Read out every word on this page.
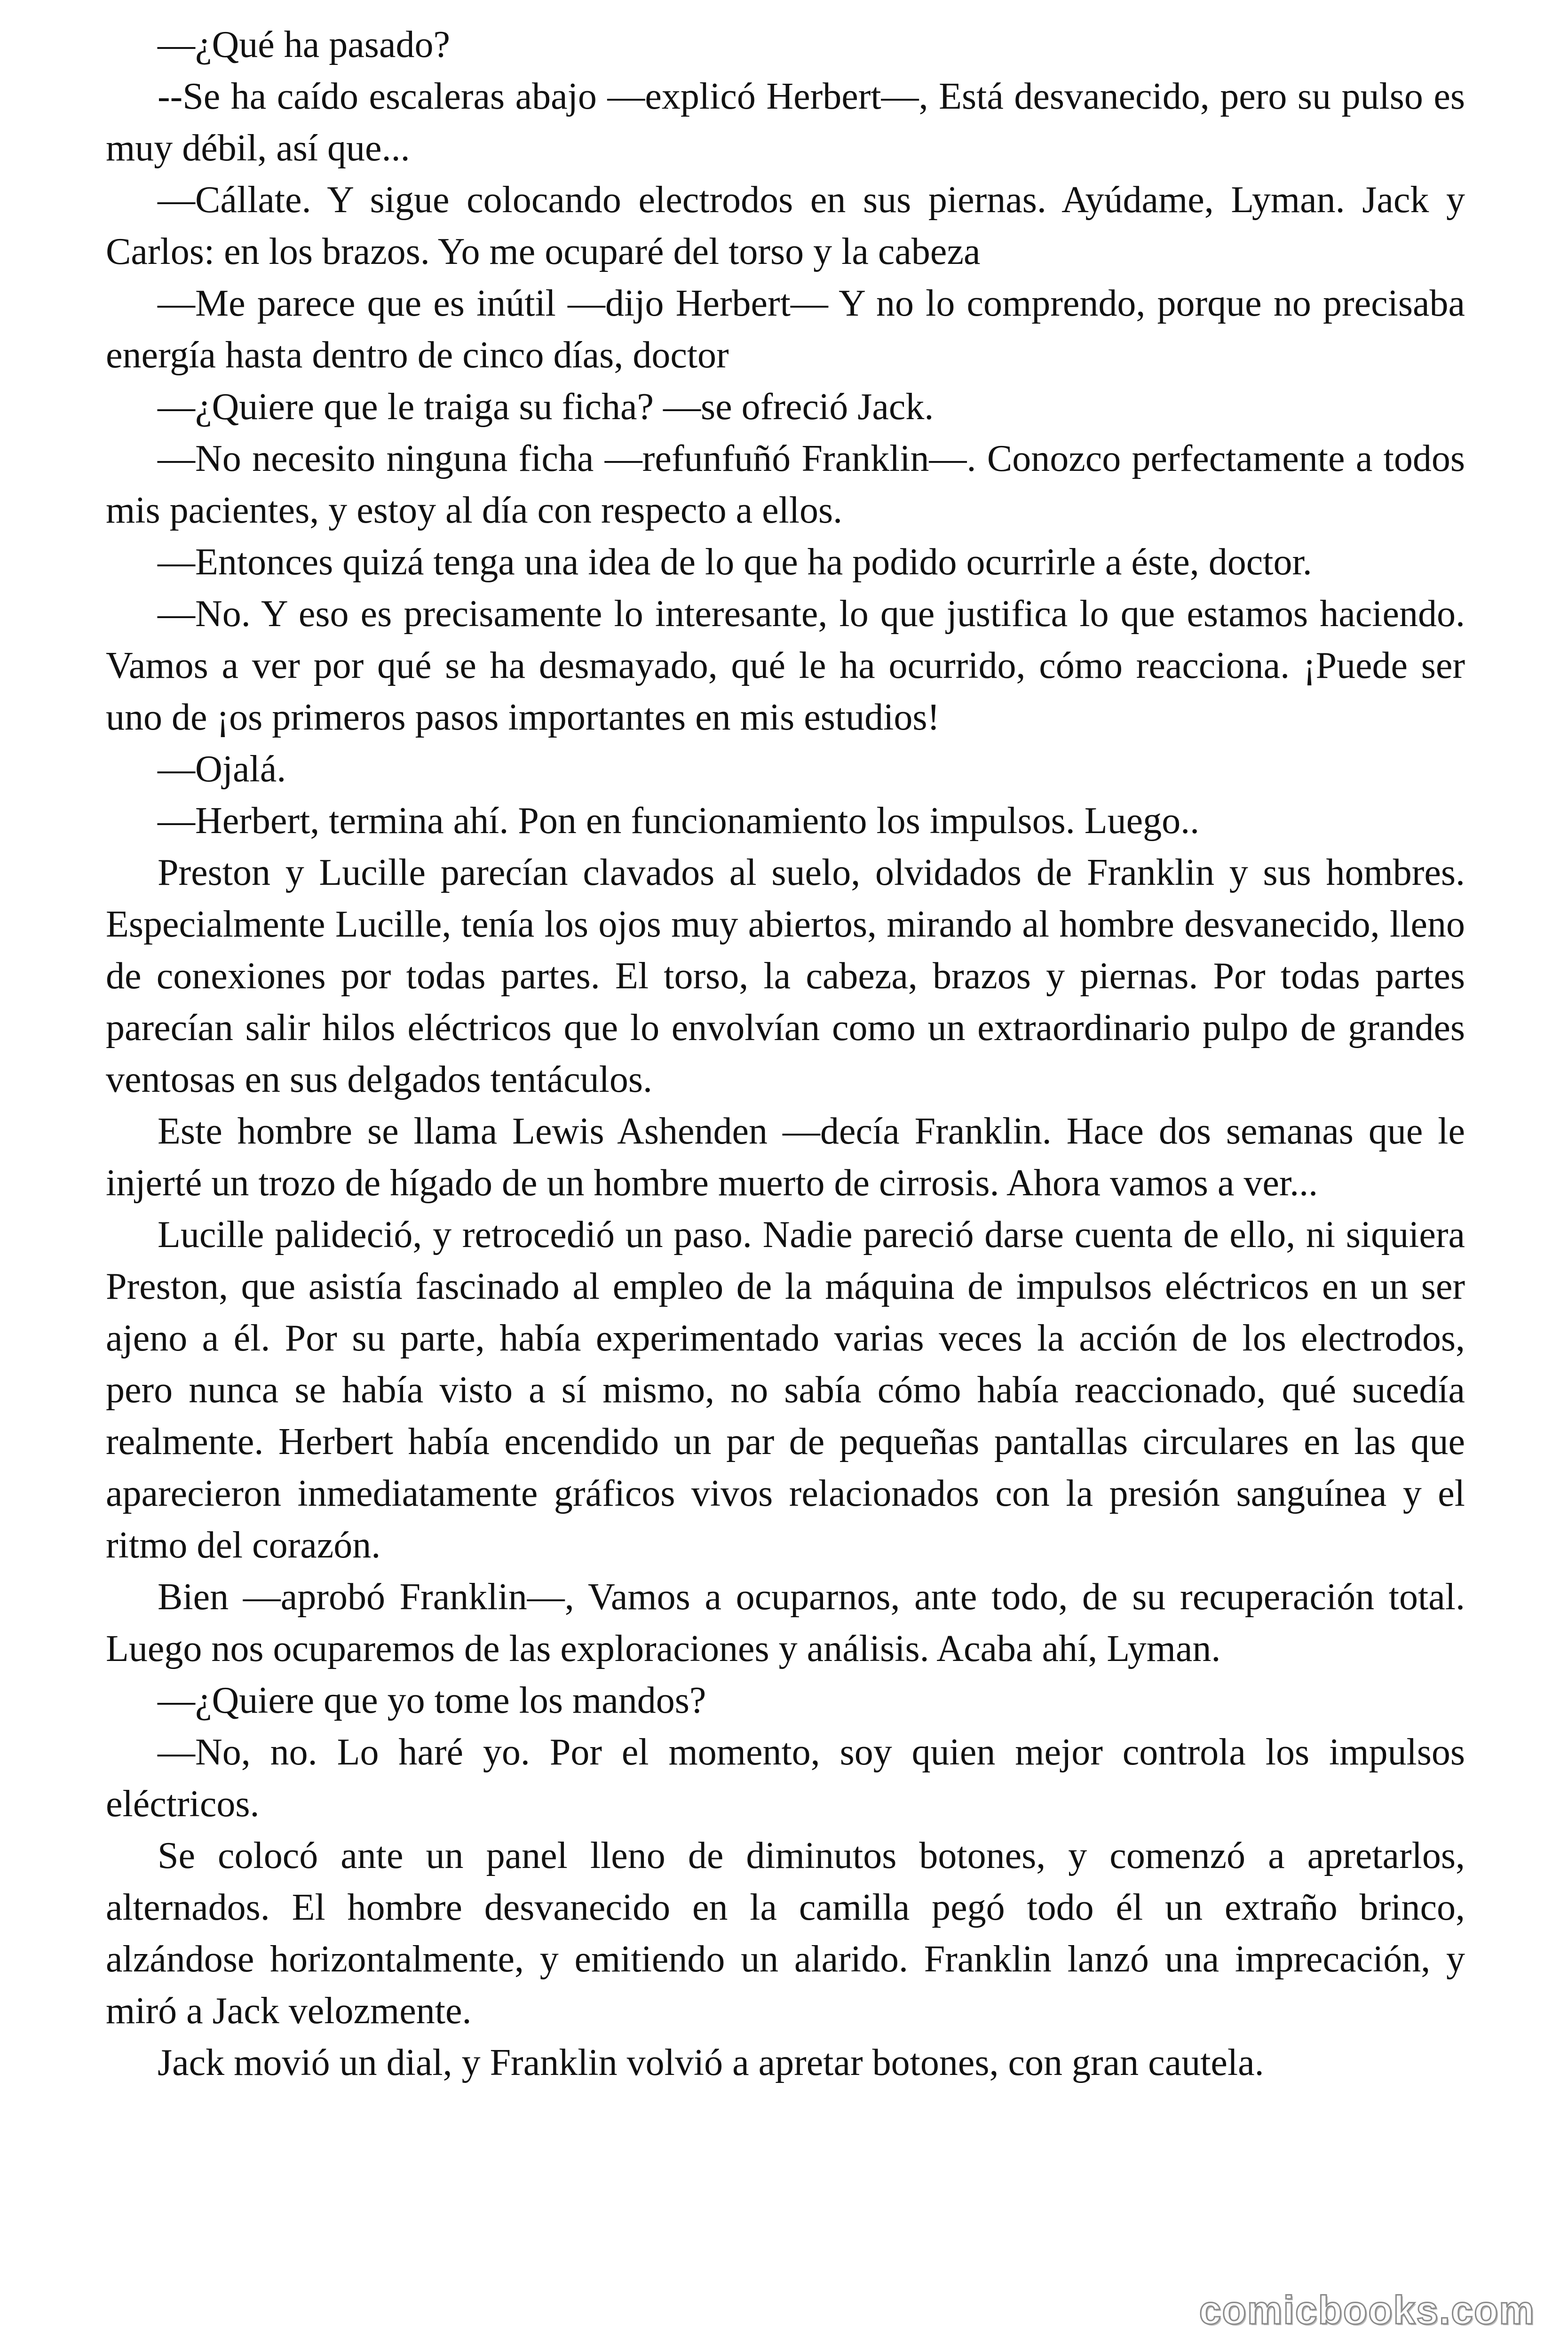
—¿Qué ha pasado?

--Se ha caído escaleras abajo —explicó Herbert—, Está desvanecido, pero su pulso es muy débil, así que...

—Cállate. Y sigue colocando electrodos en sus piernas. Ayúdame, Lyman. Jack y Carlos: en los brazos. Yo me ocuparé del torso y la cabeza

—Me parece que es inútil —dijo Herbert— Y no lo comprendo, porque no precisaba energía hasta dentro de cinco días, doctor

—¿Quiere que le traiga su ficha? —se ofreció Jack.

—No necesito ninguna ficha —refunfuñó Franklin—. Conozco perfectamente a todos mis pacientes, y estoy al día con respecto a ellos.

—Entonces quizá tenga una idea de lo que ha podido ocurrirle a éste, doctor.

—No. Y eso es precisamente lo interesante, lo que justifica lo que estamos haciendo. Vamos a ver por qué se ha desmayado, qué le ha ocurrido, cómo reacciona. ¡Puede ser uno de ¡os primeros pasos importantes en mis estudios!

—Ojalá.

—Herbert, termina ahí. Pon en funcionamiento los impulsos. Luego..

Preston y Lucille parecían clavados al suelo, olvidados de Franklin y sus hombres. Especialmente Lucille, tenía los ojos muy abiertos, mirando al hombre desvanecido, lleno de conexiones por todas partes. El torso, la cabeza, brazos y piernas. Por todas partes parecían salir hilos eléctricos que lo envolvían como un extraordinario pulpo de grandes ventosas en sus delgados tentáculos.

Este hombre se llama Lewis Ashenden —decía Franklin. Hace dos semanas que le injerté un trozo de hígado de un hombre muerto de cirrosis. Ahora vamos a ver...

Lucille palideció, y retrocedió un paso. Nadie pareció darse cuenta de ello, ni siquiera Preston, que asistía fascinado al empleo de la máquina de impulsos eléctricos en un ser ajeno a él. Por su parte, había experimentado varias veces la acción de los electrodos, pero nunca se había visto a sí mismo, no sabía cómo había reaccionado, qué sucedía realmente. Herbert había encendido un par de pequeñas pantallas circulares en las que aparecieron inmediatamente gráficos vivos relacionados con la presión sanguínea y el ritmo del corazón.

Bien —aprobó Franklin—, Vamos a ocuparnos, ante todo, de su recuperación total. Luego nos ocuparemos de las exploraciones y análisis. Acaba ahí, Lyman.

—¿Quiere que yo tome los mandos?

—No, no. Lo haré yo. Por el momento, soy quien mejor controla los impulsos eléctricos.

Se colocó ante un panel lleno de diminutos botones, y comenzó a apretarlos, alternados. El hombre desvanecido en la camilla pegó todo él un extraño brinco, alzándose horizontalmente, y emitiendo un alarido. Franklin lanzó una imprecación, y miró a Jack velozmente.

Jack movió un dial, y Franklin volvió a apretar botones, con gran cautela.

comicbooks.com
